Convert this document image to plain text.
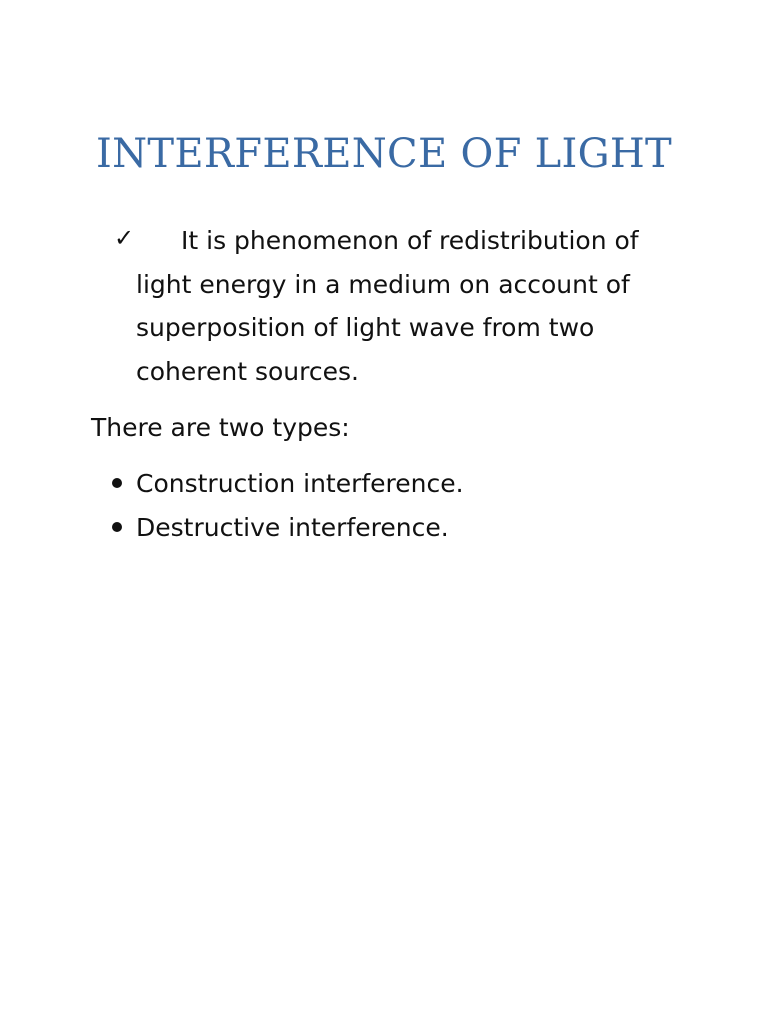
INTERFERENCE OF LIGHT
✓	It is phenomenon of redistribution of light energy in a medium on account of superposition of light wave from two coherent sources.
There are two types:
Construction interference.
Destructive interference.
